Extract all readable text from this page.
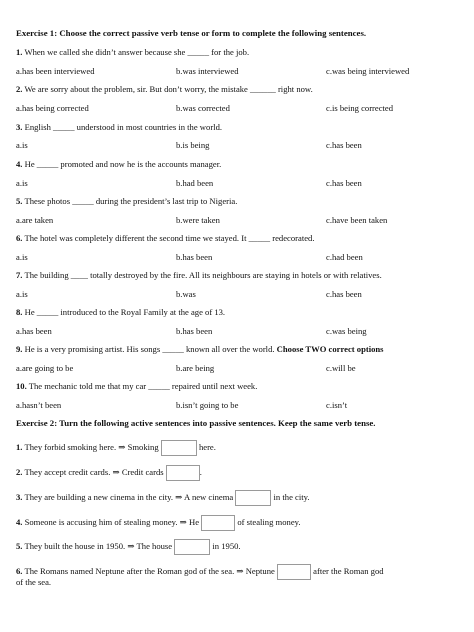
Exercise 1: Choose the correct passive verb tense or form to complete the following sentences.
1. When we called she didn’t answer because she _____ for the job.
a.has been interviewed	b.was interviewed	c.was being interviewed
2. We are sorry about the problem, sir. But don’t worry, the mistake ______ right now.
a.has being corrected	b.was corrected	c.is being corrected
3. English _____ understood in most countries in the world.
a.is	b.is being	c.has been
4. He _____ promoted and now he is the accounts manager.
a.is	b.had been	c.has been
5. These photos _____ during the president’s last trip to Nigeria.
a.are taken	b.were taken	c.have been taken
6. The hotel was completely different the second time we stayed. It _____ redecorated.
a.is	b.has been	c.had been
7. The building ____ totally destroyed by the fire. All its neighbours are staying in hotels or with relatives.
a.is	b.was	c.has been
8. He _____ introduced to the Royal Family at the age of 13.
a.has been	b.has been	c.was being
9. He is a very promising artist. His songs _____ known all over the world. Choose TWO correct options
a.are going to be	b.are being	c.will be
10. The mechanic told me that my car _____ repaired until next week.
a.hasn’t been	b.isn’t going to be	c.isn’t
Exercise 2: Turn the following active sentences into passive sentences. Keep the same verb tense.
1. They forbid smoking here. ⇒ Smoking	here.
2. They accept credit cards. ⇒ Credit cards	.
3. They are building a new cinema in the city. ⇒ A new cinema	in the city.
4. Someone is accusing him of stealing money. ⇒ He	of stealing money.
5. They built the house in 1950. ⇒ The house	in 1950.
6. The Romans named Neptune after the Roman god of the sea. ⇒ Neptune	after the Roman god
of the sea.
